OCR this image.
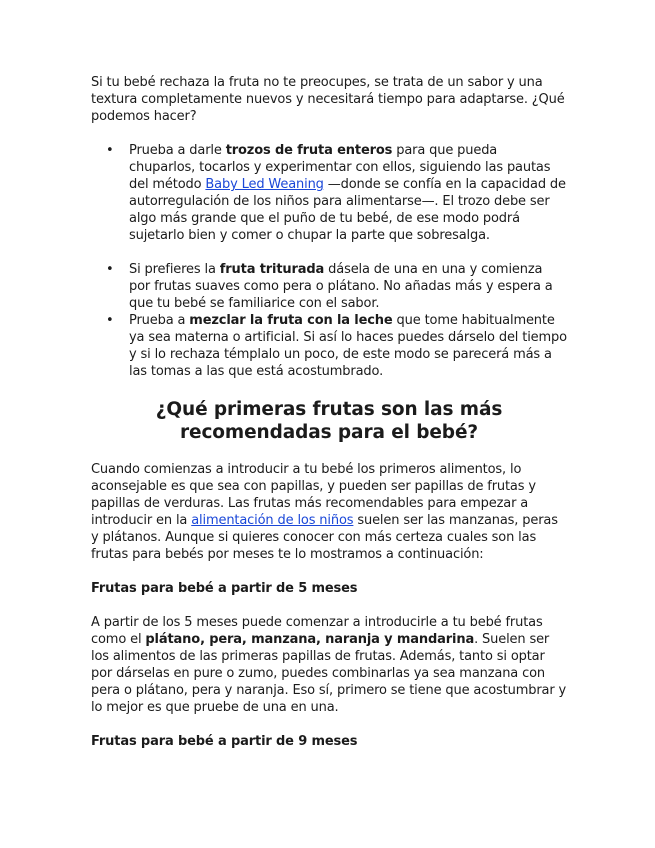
Si tu bebé rechaza la fruta no te preocupes, se trata de un sabor y una textura completamente nuevos y necesitará tiempo para adaptarse. ¿Qué podemos hacer?

• Prueba a darle trozos de fruta enteros para que pueda chuparlos, tocarlos y experimentar con ellos, siguiendo las pautas del método Baby Led Weaning —donde se confía en la capacidad de autorregulación de los niños para alimentarse—. El trozo debe ser algo más grande que el puño de tu bebé, de ese modo podrá sujetarlo bien y comer o chupar la parte que sobresalga.
• Si prefieres la fruta triturada dásela de una en una y comienza por frutas suaves como pera o plátano. No añadas más y espera a que tu bebé se familiarice con el sabor.
• Prueba a mezclar la fruta con la leche que tome habitualmente ya sea materna o artificial. Si así lo haces puedes dárselo del tiempo y si lo rechaza témplalo un poco, de este modo se parecerá más a las tomas a las que está acostumbrado.
¿Qué primeras frutas son las más recomendadas para el bebé?

Cuando comienzas a introducir a tu bebé los primeros alimentos, lo aconsejable es que sea con papillas, y pueden ser papillas de frutas y papillas de verduras. Las frutas más recomendables para empezar a introducir en la alimentación de los niños suelen ser las manzanas, peras y plátanos. Aunque si quieres conocer con más certeza cuales son las frutas para bebés por meses te lo mostramos a continuación:

Frutas para bebé a partir de 5 meses

A partir de los 5 meses puede comenzar a introducirle a tu bebé frutas como el plátano, pera, manzana, naranja y mandarina. Suelen ser los alimentos de las primeras papillas de frutas. Además, tanto si optar por dárselas en pure o zumo, puedes combinarlas ya sea manzana con pera o plátano, pera y naranja. Eso sí, primero se tiene que acostumbrar y lo mejor es que pruebe de una en una.

Frutas para bebé a partir de 9 meses
